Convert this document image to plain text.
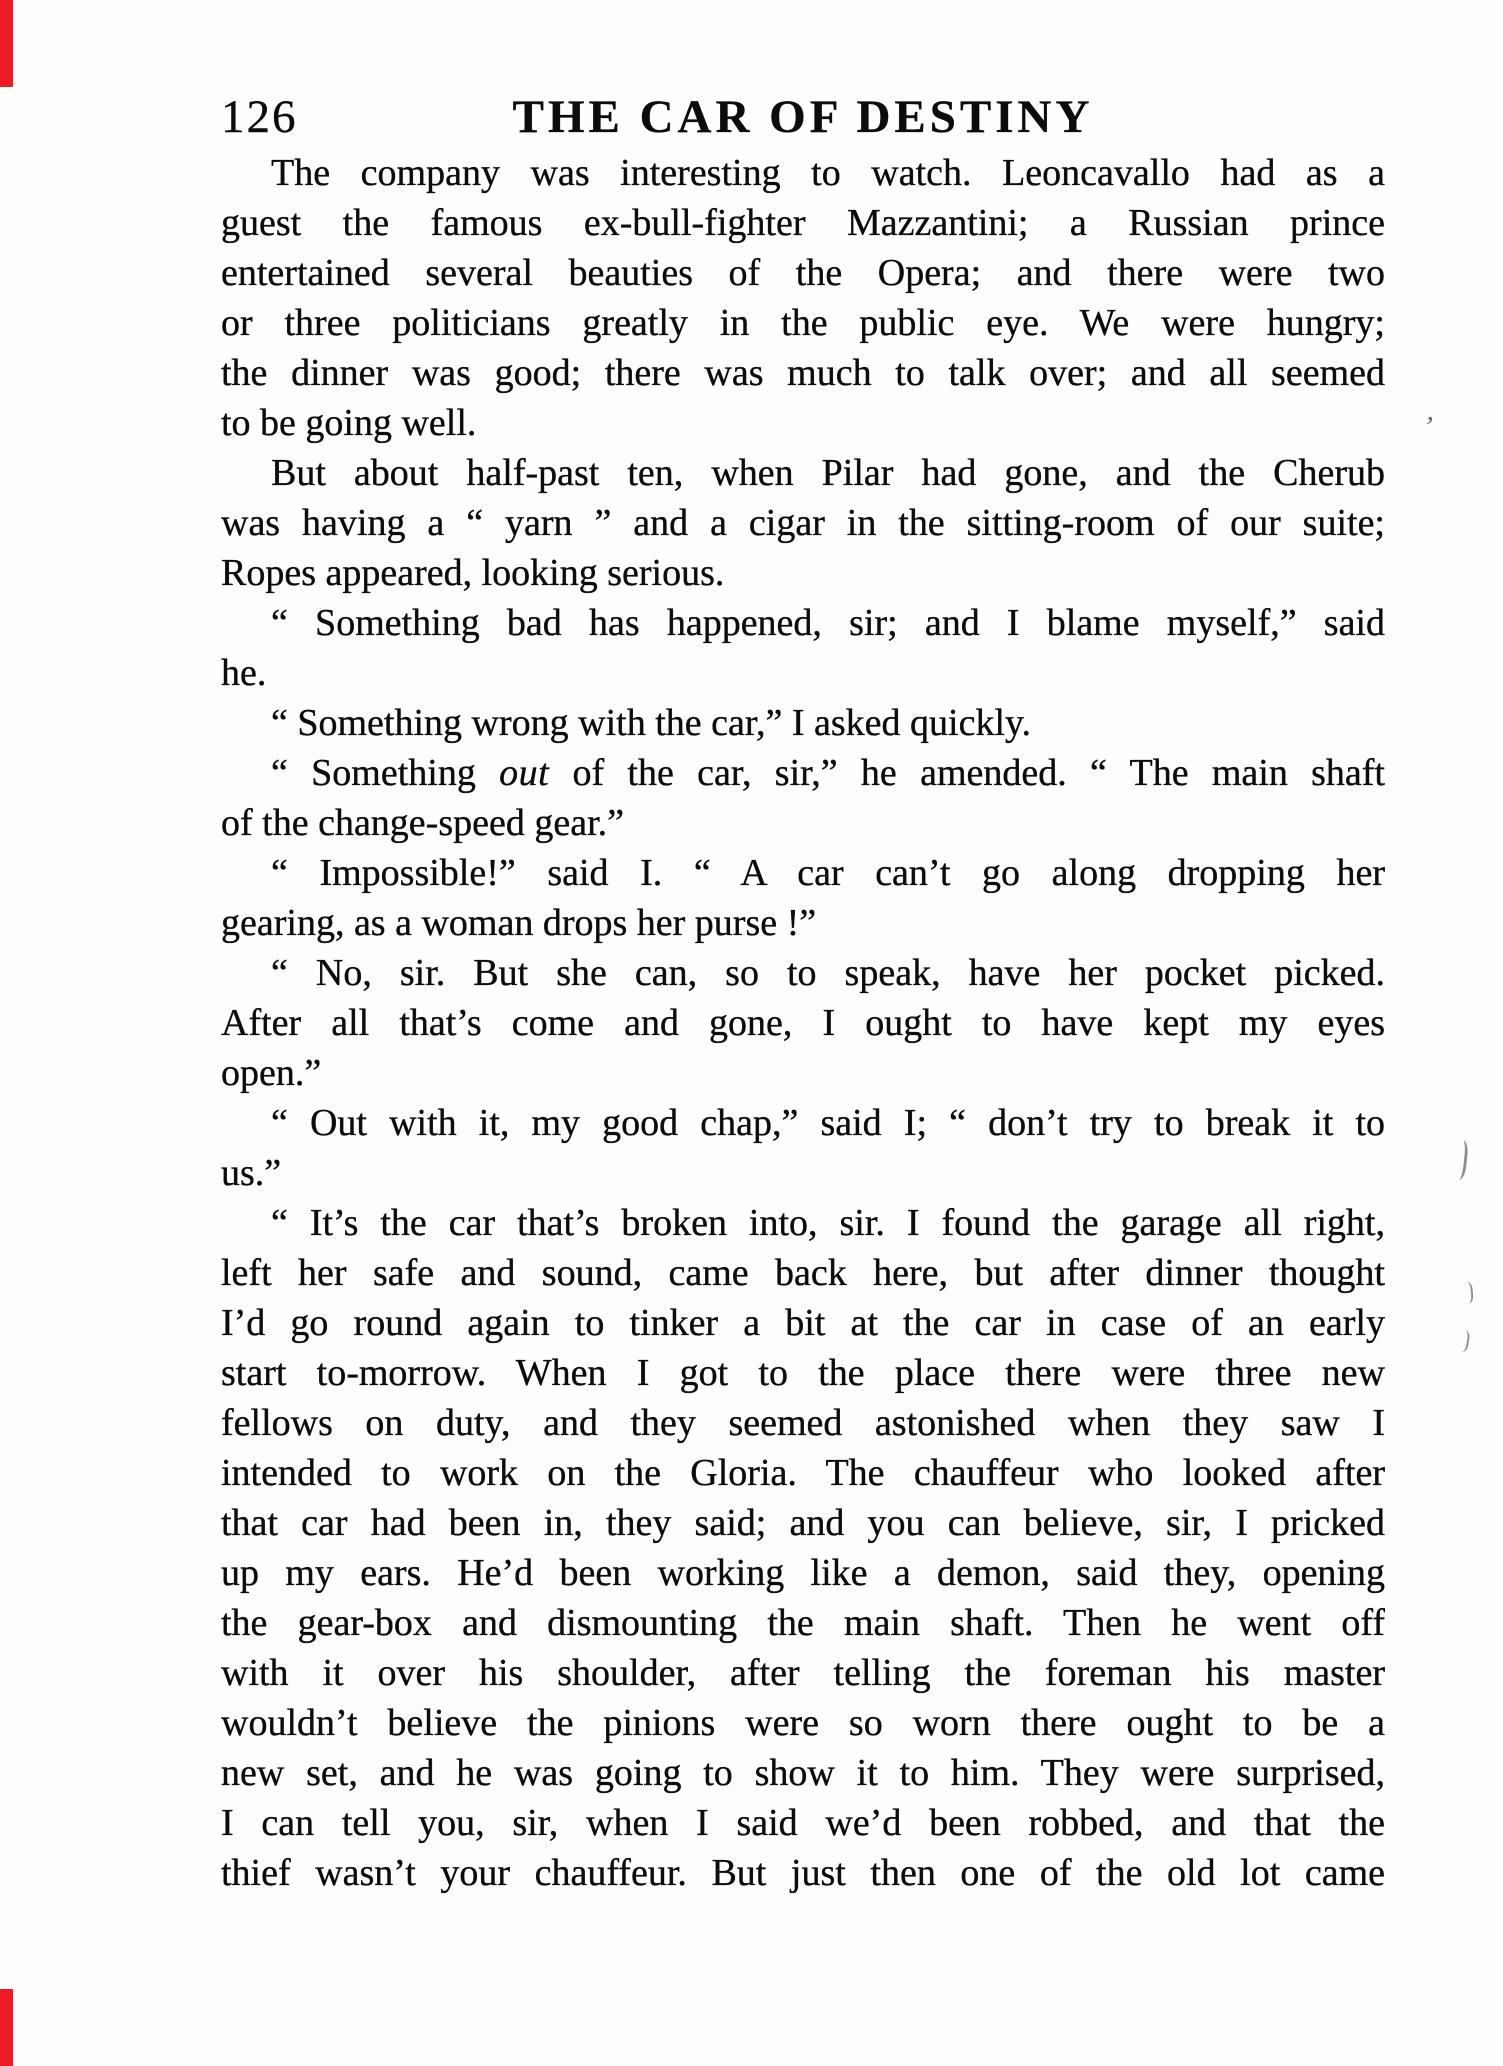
126	THE CAR OF DESTINY
The company was interesting to watch. Leoncavallo had as a
guest the famous ex-bull-fighter Mazzantini; a Russian prince
entertained several beauties of the Opera; and there were two
or three politicians greatly in the public eye. We were hungry;
the dinner was good; there was much to talk over; and all seemed
to be going well.
But about half-past ten, when Pilar had gone, and the Cherub
was having a “ yarn ” and a cigar in the sitting-room of our suite;
Ropes appeared, looking serious.
“ Something bad has happened, sir; and I blame myself,” said
he.
“ Something wrong with the car,” I asked quickly.
“ Something out of the car, sir,” he amended. “ The main shaft
of the change-speed gear.”
“ Impossible!” said I. “ A car can’t go along dropping her
gearing, as a woman drops her purse !”
“ No, sir. But she can, so to speak, have her pocket picked.
After all that’s come and gone, I ought to have kept my eyes
open.”
“ Out with it, my good chap,” said I; “ don’t try to break it to
us.”
“ It’s the car that’s broken into, sir. I found the garage all right,
left her safe and sound, came back here, but after dinner thought
I’d go round again to tinker a bit at the car in case of an early
start to-morrow. When I got to the place there were three new
fellows on duty, and they seemed astonished when they saw I
intended to work on the Gloria. The chauffeur who looked after
that car had been in, they said; and you can believe, sir, I pricked
up my ears. He’d been working like a demon, said they, opening
the gear-box and dismounting the main shaft. Then he went off
with it over his shoulder, after telling the foreman his master
wouldn’t believe the pinions were so worn there ought to be a
new set, and he was going to show it to him. They were surprised,
I can tell you, sir, when I said we’d been robbed, and that the
thief wasn’t your chauffeur. But just then one of the old lot came
,
